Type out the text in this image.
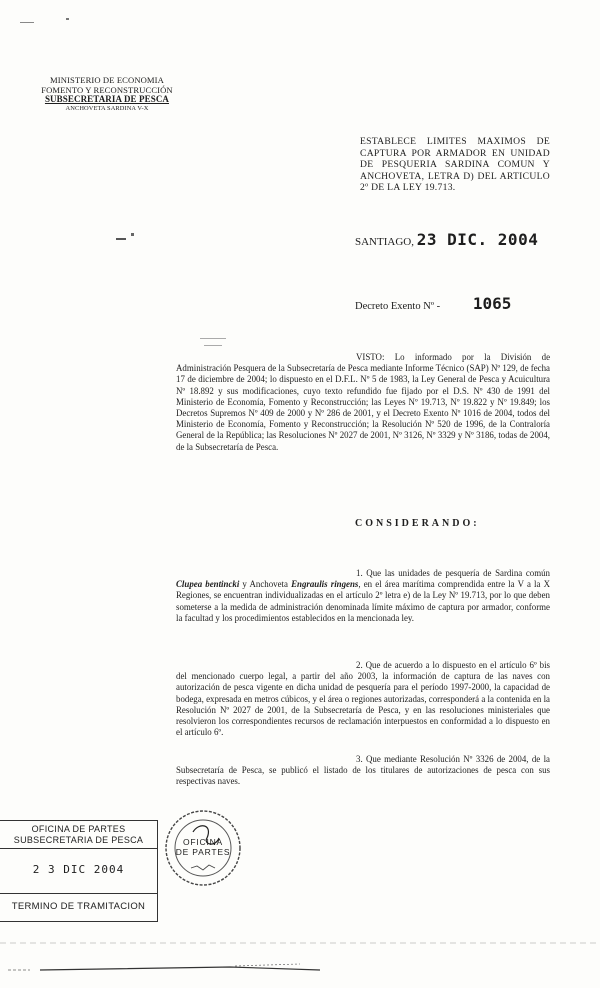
MINISTERIO DE ECONOMIA
FOMENTO Y RECONSTRUCCIÓN
SUBSECRETARIA DE PESCA
ANCHOVETA SARDINA V-X
ESTABLECE LIMITES MAXIMOS DE CAPTURA POR ARMADOR EN UNIDAD DE PESQUERIA SARDINA COMUN Y ANCHOVETA, LETRA D) DEL ARTICULO 2º DE LA LEY 19.713.
SANTIAGO, 23 DIC. 2004
Decreto Exento Nº - 1065
VISTO: Lo informado por la División de Administración Pesquera de la Subsecretaría de Pesca mediante Informe Técnico (SAP) Nº 129, de fecha 17 de diciembre de 2004; lo dispuesto en el D.F.L. Nº 5 de 1983, la Ley General de Pesca y Acuicultura Nº 18.892 y sus modificaciones, cuyo texto refundido fue fijado por el D.S. Nº 430 de 1991 del Ministerio de Economía, Fomento y Reconstrucción; las Leyes Nº 19.713, Nº 19.822 y Nº 19.849; los Decretos Supremos Nº 409 de 2000 y Nº 286 de 2001, y el Decreto Exento Nº 1016 de 2004, todos del Ministerio de Economía, Fomento y Reconstrucción; la Resolución Nº 520 de 1996, de la Contraloría General de la República; las Resoluciones Nº 2027 de 2001, Nº 3126, Nº 3329 y Nº 3186, todas de 2004, de la Subsecretaría de Pesca.
CONSIDERANDO:
1. Que las unidades de pesquería de Sardina común Clupea bentincki y Anchoveta Engraulis ringens, en el área marítima comprendida entre la V a la X Regiones, se encuentran individualizadas en el artículo 2º letra e) de la Ley Nº 19.713, por lo que deben someterse a la medida de administración denominada límite máximo de captura por armador, conforme la facultad y los procedimientos establecidos en la mencionada ley.
2. Que de acuerdo a lo dispuesto en el artículo 6º bis del mencionado cuerpo legal, a partir del año 2003, la información de captura de las naves con autorización de pesca vigente en dicha unidad de pesquería para el período 1997-2000, la capacidad de bodega, expresada en metros cúbicos, y el área o regiones autorizadas, corresponderá a la contenida en la Resolución Nº 2027 de 2001, de la Subsecretaría de Pesca, y en las resoluciones ministeriales que resolvieron los correspondientes recursos de reclamación interpuestos en conformidad a lo dispuesto en el artículo 6º.
3. Que mediante Resolución Nº 3326 de 2004, de la Subsecretaría de Pesca, se publicó el listado de los titulares de autorizaciones de pesca con sus respectivas naves.
OFICINA DE PARTES
SUBSECRETARIA DE PESCA
2 3 DIC 2004
TERMINO DE TRAMITACION
OFICINA
DE PARTES
